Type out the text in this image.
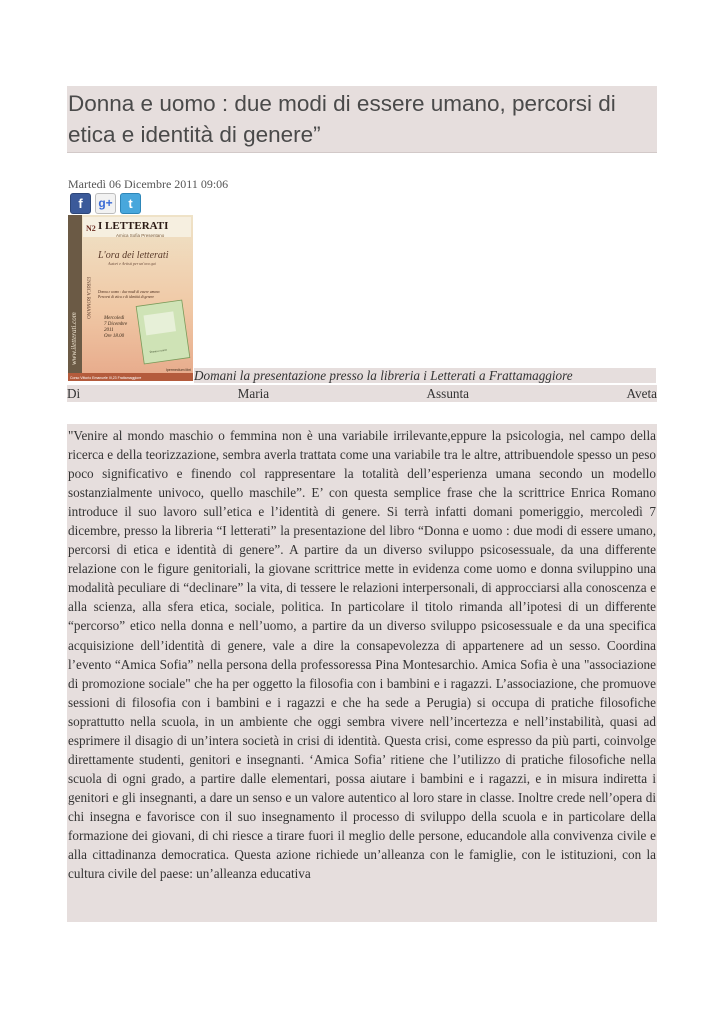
Donna e uomo : due modi di essere umano, percorsi di etica e identità di genere”
Martedì 06 Dicembre 2011 09:06
f	g+	t
N2 I LETTERATI
Amica Sofia Presentano
L'ora dei letterati
Autori e Artisti per un'ora qui
Donna e uomo : due modi di essere umano Percorsi di etica e di identità di genere
ENRICA ROMANO
www.iletterati.com	Mercoledì 7 Dicembre 2011 Ore 18.00
Donna e uomo
Corso Vittorio Emanuele III,23 Frattamaggiore
Ipermedium libri Domani la presentazione presso la libreria i Letterati a Frattamaggiore
Di	Maria	Assunta	Aveta

"Venire al mondo maschio o femmina non è una variabile irrilevante,eppure la psicologia, nel campo della ricerca e della teorizzazione, sembra averla trattata come una variabile tra le altre, attribuendole spesso un peso poco significativo e finendo col rappresentare la totalità dell’esperienza umana secondo un modello sostanzialmente univoco, quello maschile”. E’ con questa semplice frase che la scrittrice Enrica Romano introduce il suo lavoro sull’etica e l’identità di genere. Si terrà infatti domani pomeriggio, mercoledì 7 dicembre, presso la libreria “I letterati” la presentazione del libro “Donna e uomo : due modi di essere umano, percorsi di etica e identità di genere”. A partire da un diverso sviluppo psicosessuale, da una differente relazione con le figure genitoriali, la giovane scrittrice mette in evidenza come uomo e donna sviluppino una modalità peculiare di “declinare” la vita, di tessere le relazioni interpersonali, di approcciarsi alla conoscenza e alla scienza, alla sfera etica, sociale, politica. In particolare il titolo rimanda all’ipotesi di un differente “percorso” etico nella donna e nell’uomo, a partire da un diverso sviluppo psicosessuale e da una specifica acquisizione dell’identità di genere, vale a dire la consapevolezza di appartenere ad un sesso. Coordina l’evento “Amica Sofia” nella persona della professoressa Pina Montesarchio. Amica Sofia è una "associazione di promozione sociale" che ha per oggetto la filosofia con i bambini e i ragazzi. L’associazione, che promuove sessioni di filosofia con i bambini e i ragazzi e che ha sede a Perugia) si occupa di pratiche filosofiche soprattutto nella scuola, in un ambiente che oggi sembra vivere nell’incertezza e nell’instabilità, quasi ad esprimere il disagio di un’intera società in crisi di identità. Questa crisi, come espresso da più parti, coinvolge direttamente studenti, genitori e insegnanti. ‘Amica Sofia’ ritiene che l’utilizzo di pratiche filosofiche nella scuola di ogni grado, a partire dalle elementari, possa aiutare i bambini e i ragazzi, e in misura indiretta i genitori e gli insegnanti, a dare un senso e un valore autentico al loro stare in classe. Inoltre crede nell’opera di chi insegna e favorisce con il suo insegnamento il processo di sviluppo della scuola e in particolare della formazione dei giovani, di chi riesce a tirare fuori il meglio delle persone, educandole alla convivenza civile e alla cittadinanza democratica. Questa azione richiede un’alleanza con le famiglie, con le istituzioni, con la cultura civile del paese: un’alleanza educativa
